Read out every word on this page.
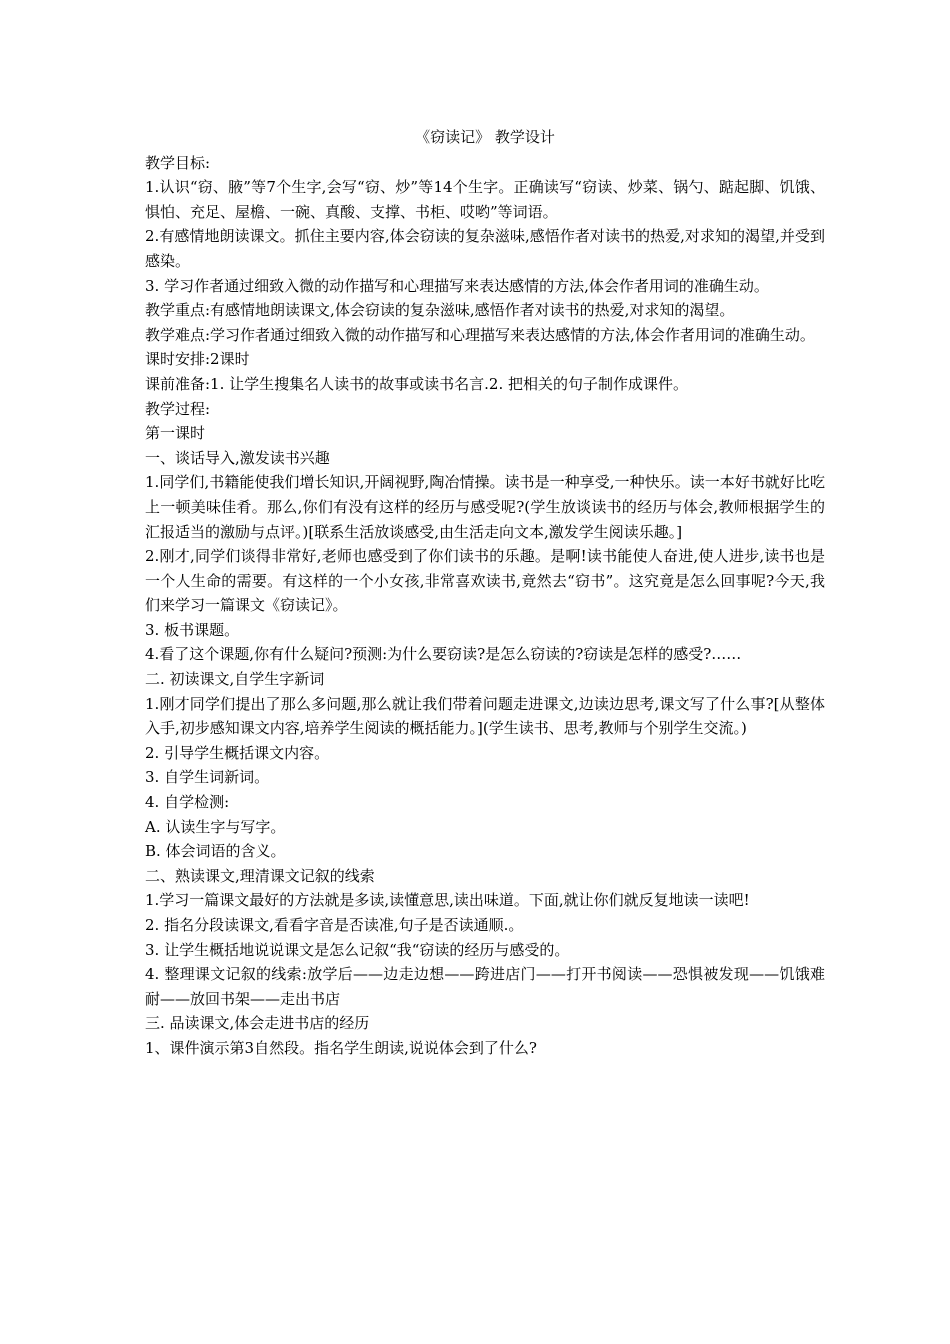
《窃读记》 教学设计

教学目标:

1.认识“窃、腋”等7个生字,会写“窃、炒”等14个生字。正确读写“窃读、炒菜、锅勺、踮起脚、饥饿、惧怕、充足、屋檐、一碗、真酸、支撑、书柜、哎哟”等词语。

2.有感情地朗读课文。抓住主要内容,体会窃读的复杂滋味,感悟作者对读书的热爱,对求知的渴望,并受到感染。

3. 学习作者通过细致入微的动作描写和心理描写来表达感情的方法,体会作者用词的准确生动。

教学重点:有感情地朗读课文,体会窃读的复杂滋味,感悟作者对读书的热爱,对求知的渴望。

教学难点:学习作者通过细致入微的动作描写和心理描写来表达感情的方法,体会作者用词的准确生动。

课时安排:2课时

课前准备:1. 让学生搜集名人读书的故事或读书名言.2. 把相关的句子制作成课件。

教学过程:

第一课时

一、谈话导入,激发读书兴趣

1.同学们,书籍能使我们增长知识,开阔视野,陶冶情操。读书是一种享受,一种快乐。读一本好书就好比吃上一顿美味佳肴。那么,你们有没有这样的经历与感受呢?(学生放谈读书的经历与体会,教师根据学生的汇报适当的激励与点评。)[联系生活放谈感受,由生活走向文本,激发学生阅读乐趣。]

2.刚才,同学们谈得非常好,老师也感受到了你们读书的乐趣。是啊!读书能使人奋进,使人进步,读书也是一个人生命的需要。有这样的一个小女孩,非常喜欢读书,竟然去“窃书”。这究竟是怎么回事呢?今天,我们来学习一篇课文《窃读记》。

3. 板书课题。

4.看了这个课题,你有什么疑问?预测:为什么要窃读?是怎么窃读的?窃读是怎样的感受?……

二. 初读课文,自学生字新词

1.刚才同学们提出了那么多问题,那么就让我们带着问题走进课文,边读边思考,课文写了什么事?[从整体入手,初步感知课文内容,培养学生阅读的概括能力。](学生读书、思考,教师与个别学生交流。)

2. 引导学生概括课文内容。

3. 自学生词新词。

4. 自学检测:

A. 认读生字与写字。

B. 体会词语的含义。

二、熟读课文,理清课文记叙的线索

1.学习一篇课文最好的方法就是多读,读懂意思,读出味道。下面,就让你们就反复地读一读吧!

2. 指名分段读课文,看看字音是否读准,句子是否读通顺.。

3. 让学生概括地说说课文是怎么记叙“我“窃读的经历与感受的。

4. 整理课文记叙的线索:放学后——边走边想——跨进店门——打开书阅读——恐惧被发现——饥饿难耐——放回书架——走出书店

三. 品读课文,体会走进书店的经历

1、课件演示第3自然段。指名学生朗读,说说体会到了什么?
